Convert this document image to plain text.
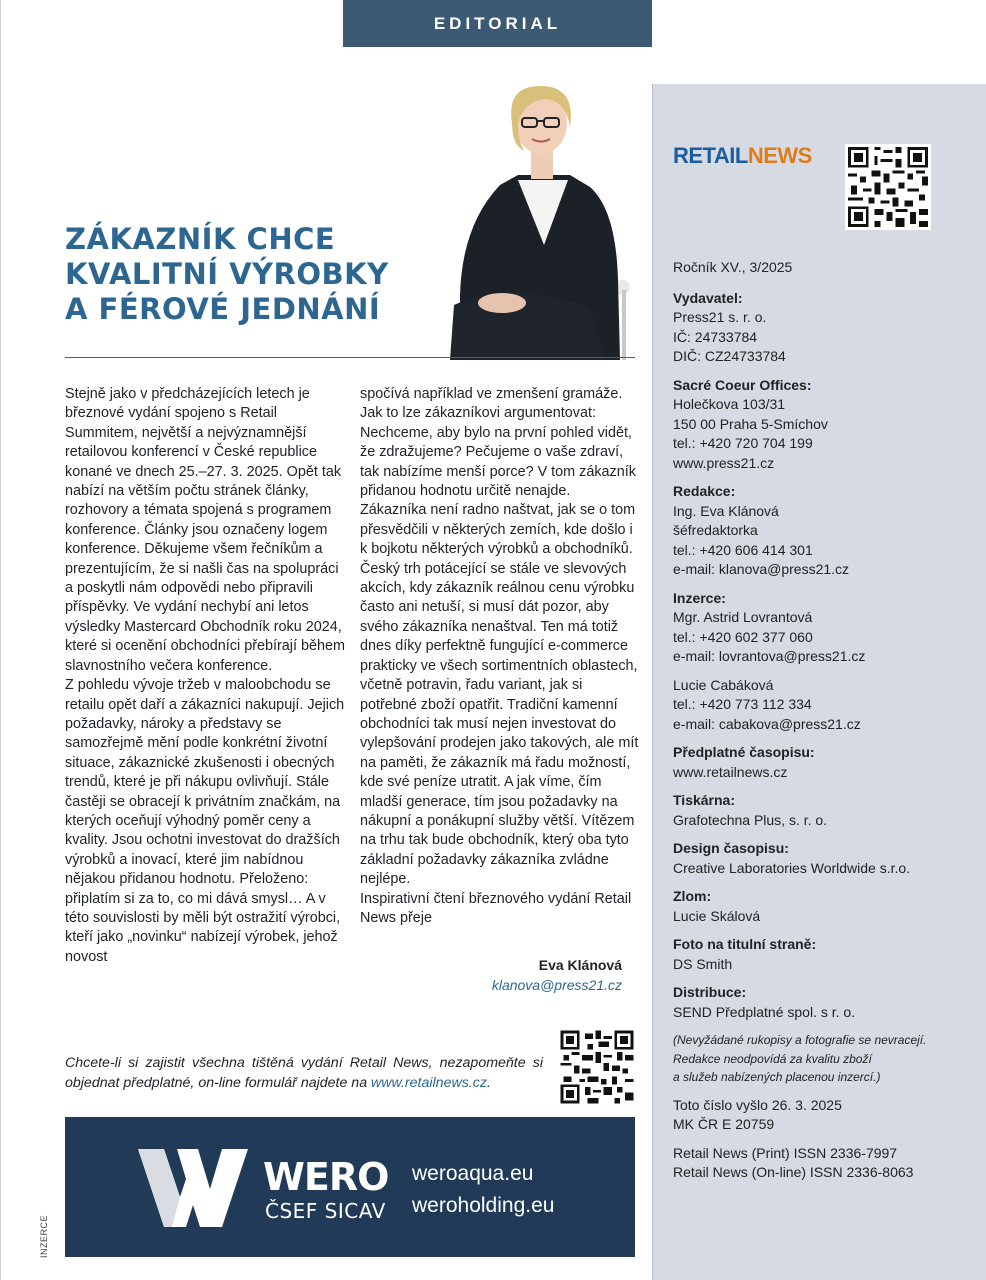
EDITORIAL
RETAILNEWS
Ročník XV., 3/2025
Vydavatel:
Press21 s. r. o.
IČ: 24733784
DIČ: CZ24733784
Sacré Coeur Offices:
Holečkova 103/31
150 00 Praha 5-Smíchov
tel.: +420 720 704 199
www.press21.cz
Redakce:
Ing. Eva Klánová
šéfredaktorka
tel.: +420 606 414 301
e-mail: klanova@press21.cz
Inzerce:
Mgr. Astrid Lovrantová
tel.: +420 602 377 060
e-mail: lovrantova@press21.cz
Lucie Cabáková
tel.: +420 773 112 334
e-mail: cabakova@press21.cz
Předplatné časopisu:
www.retailnews.cz
Tiskárna:
Grafotechna Plus, s. r. o.
Design časopisu:
Creative Laboratories Worldwide s.r.o.
Zlom:
Lucie Skálová
Foto na titulní straně:
DS Smith
Distribuce:
SEND Předplatné spol. s r. o.
(Nevyžádané rukopisy a fotografie se nevracejí. Redakce neodpovídá za kvalitu zboží
a služeb nabízených placenou inzercí.)
Toto číslo vyšlo 26. 3. 2025
MK ČR E 20759
Retail News (Print) ISSN 2336-7997
Retail News (On-line) ISSN 2336-8063
ZÁKAZNÍK CHCE
KVALITNÍ VÝROBKY
A FÉROVÉ JEDNÁNÍ

Stejně jako v předcházejících letech je březnové vydání spojeno s Retail Summitem, největší a nejvýznamnější retailovou konferencí v České republice konané ve dnech 25.–27. 3. 2025. Opět tak nabízí na větším počtu stránek články, rozhovory a témata spojená s programem konference. Články jsou označeny logem konference. Děkujeme všem řečníkům a prezentujícím, že si našli čas na spolupráci a poskytli nám odpovědi nebo připravili příspěvky. Ve vydání nechybí ani letos výsledky Mastercard Obchodník roku 2024, které si ocenění obchodníci přebírají během slavnostního večera konference.

Z pohledu vývoje tržeb v maloobchodu se retailu opět daří a zákazníci nakupují. Jejich požadavky, nároky a představy se samozřejmě mění podle konkrétní životní situace, zákaznické zkušenosti i obecných trendů, které je při nákupu ovlivňují. Stále častěji se obracejí k privátním značkám, na kterých oceňují výhodný poměr ceny a kvality. Jsou ochotni investovat do dražších výrobků a inovací, které jim nabídnou nějakou přidanou hodnotu. Přeloženo: připlatím si za to, co mi dává smysl… A v této souvislosti by měli být ostražití výrobci, kteří jako „novinku“ nabízejí výrobek, jehož novost

spočívá například ve zmenšení gramáže. Jak to lze zákazníkovi argumentovat: Nechceme, aby bylo na první pohled vidět, že zdražujeme? Pečujeme o vaše zdraví, tak nabízíme menší porce? V tom zákazník přidanou hodnotu určitě nenajde. Zákazníka není radno naštvat, jak se o tom přesvědčili v některých zemích, kde došlo i k bojkotu některých výrobků a obchodníků. Český trh potácející se stále ve slevových akcích, kdy zákazník reálnou cenu výrobku často ani netuší, si musí dát pozor, aby svého zákazníka nenaštval. Ten má totiž dnes díky perfektně fungující e-commerce prakticky ve všech sortimentních oblastech, včetně potravin, řadu variant, jak si potřebné zboží opatřit. Tradiční kamenní obchodníci tak musí nejen investovat do vylepšování prodejen jako takových, ale mít na paměti, že zákazník má řadu možností, kde své peníze utratit. A jak víme, čím mladší generace, tím jsou požadavky na nákupní a ponákupní služby větší. Vítězem na trhu tak bude obchodník, který oba tyto základní požadavky zákazníka zvládne nejlépe.

Inspirativní čtení březnového vydání Retail News přeje

Eva Klánová
klanova@press21.cz
Chcete-li si zajistit všechna tištěná vydání Retail News, nezapomeňte si objednat předplatné, on-line formulář najdete na www.retailnews.cz.
WERO
ČSEF SICAV
weroaqua.eu
weroholding.eu
INZERCE
